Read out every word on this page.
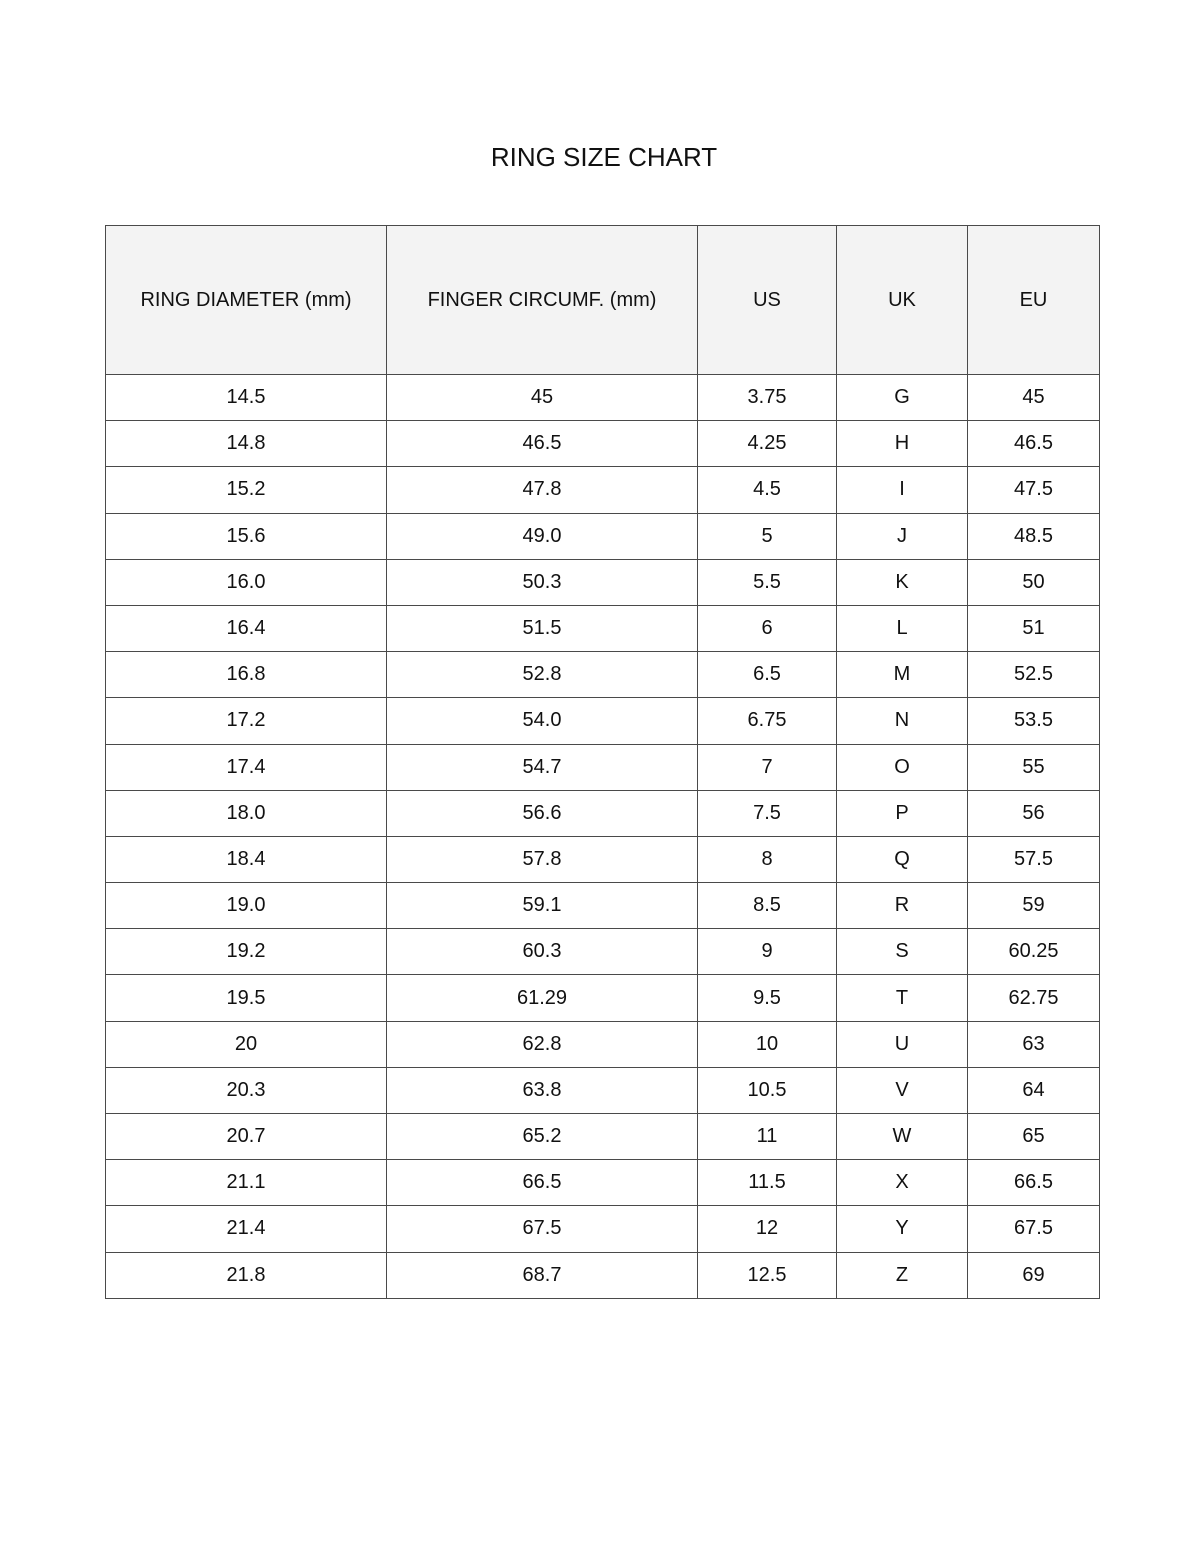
RING SIZE CHART
RING DIAMETER (mm)	FINGER CIRCUMF. (mm)	US	UK	EU
14.5	45	3.75	G	45
14.8	46.5	4.25	H	46.5
15.2	47.8	4.5	I	47.5
15.6	49.0	5	J	48.5
16.0	50.3	5.5	K	50
16.4	51.5	6	L	51
16.8	52.8	6.5	M	52.5
17.2	54.0	6.75	N	53.5
17.4	54.7	7	O	55
18.0	56.6	7.5	P	56
18.4	57.8	8	Q	57.5
19.0	59.1	8.5	R	59
19.2	60.3	9	S	60.25
19.5	61.29	9.5	T	62.75
20	62.8	10	U	63
20.3	63.8	10.5	V	64
20.7	65.2	11	W	65
21.1	66.5	11.5	X	66.5
21.4	67.5	12	Y	67.5
21.8	68.7	12.5	Z	69
